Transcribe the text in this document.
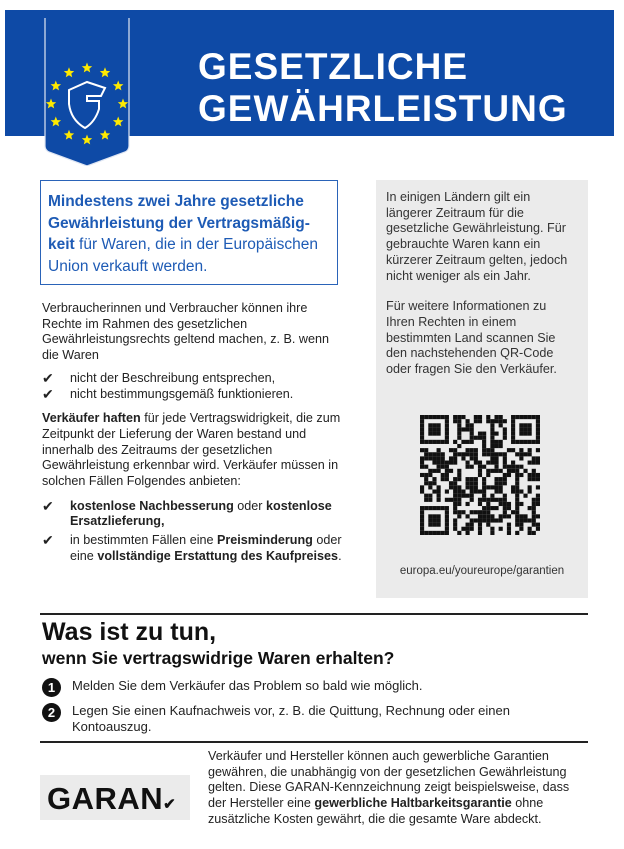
GESETZLICHE
GEWÄHRLEISTUNG
Mindestens zwei Jahre gesetzliche Gewährleistung der Vertragsmäßigkeit für Waren, die in der Europäischen Union verkauft werden.

Verbraucherinnen und Verbraucher können ihre Rechte im Rahmen des gesetzlichen Gewährleistungsrechts geltend machen, z. B. wenn die Waren

✔︎	nicht der Beschreibung entsprechen,
✔︎	nicht bestimmungsgemäß funktionieren.

Verkäufer haften für jede Vertragswidrigkeit, die zum Zeitpunkt der Lieferung der Waren bestand und innerhalb des Zeitraums der gesetzlichen Gewährleistung erkennbar wird. Verkäufer müssen in solchen Fällen Folgendes anbieten:

✔︎	kostenlose Nachbesserung oder kostenlose Ersatzlieferung,
✔︎	in bestimmten Fällen eine Preisminderung oder eine vollständige Erstattung des Kaufpreises.

In einigen Ländern gilt ein längerer Zeitraum für die gesetzliche Gewährleistung. Für gebrauchte Waren kann ein kürzerer Zeitraum gelten, jedoch nicht weniger als ein Jahr.

Für weitere Informationen zu Ihren Rechten in einem bestimmten Land scannen Sie den nachstehenden QR-Code oder fragen Sie den Verkäufer.

europa.eu/youreurope/garantien
Was ist zu tun,
wenn Sie vertragswidrige Waren erhalten?
1	Melden Sie dem Verkäufer das Problem so bald wie möglich.
2	Legen Sie einen Kaufnachweis vor, z. B. die Quittung, Rechnung oder einen Kontoauszug.
GARAN✔︎
Verkäufer und Hersteller können auch gewerbliche Garantien gewähren, die unabhängig von der gesetzlichen Gewährleistung gelten. Diese GARAN-Kennzeichnung zeigt beispielsweise, dass der Hersteller eine gewerbliche Haltbarkeitsgarantie ohne zusätzliche Kosten gewährt, die die gesamte Ware abdeckt.
